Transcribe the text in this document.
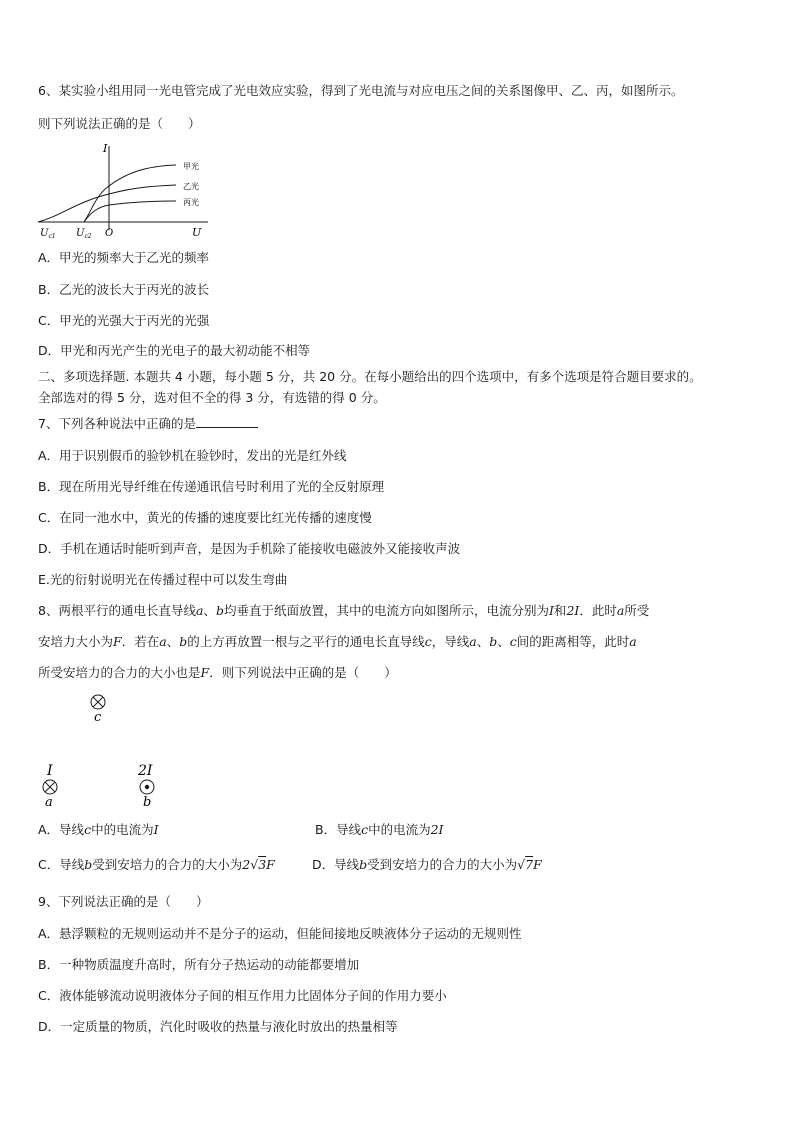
6、某实验小组用同一光电管完成了光电效应实验，得到了光电流与对应电压之间的关系图像甲、乙、丙，如图所示。
则下列说法正确的是（　　）
I
甲光
乙光
丙光
U
O
$U_{c1}$ $U_{c2}$
A．甲光的频率大于乙光的频率
B．乙光的波长大于丙光的波长
C．甲光的光强大于丙光的光强
D．甲光和丙光产生的光电子的最大初动能不相等
二、多项选择题. 本题共 4 小题，每小题 5 分，共 20 分。在每小题给出的四个选项中，有多个选项是符合题目要求的。
全部选对的得 5 分，选对但不全的得 3 分，有选错的得 0 分。
7、下列各种说法中正确的是
A．用于识别假币的验钞机在验钞时，发出的光是红外线
B．现在所用光导纤维在传递通讯信号时利用了光的全反射原理
C．在同一池水中，黄光的传播的速度要比红光传播的速度慢
D．手机在通话时能听到声音，是因为手机除了能接收电磁波外又能接收声波
E.光的衍射说明光在传播过程中可以发生弯曲
8、两根平行的通电长直导线a、b均垂直于纸面放置，其中的电流方向如图所示，电流分别为I和2I．此时a所受
安培力大小为F．若在a、b的上方再放置一根与之平行的通电长直导线c，导线a、b、c间的距离相等，此时a
所受安培力的合力的大小也是F．则下列说法中正确的是（　　）
c
I
a
2I
b
A．导线c中的电流为I	B．导线c中的电流为2I
C．导线b受到安培力的合力的大小为2√3F	D．导线b受到安培力的合力的大小为√7F
9、下列说法正确的是（　　）
A．悬浮颗粒的无规则运动并不是分子的运动，但能间接地反映液体分子运动的无规则性
B．一种物质温度升高时，所有分子热运动的动能都要增加
C．液体能够流动说明液体分子间的相互作用力比固体分子间的作用力要小
D．一定质量的物质，汽化时吸收的热量与液化时放出的热量相等
